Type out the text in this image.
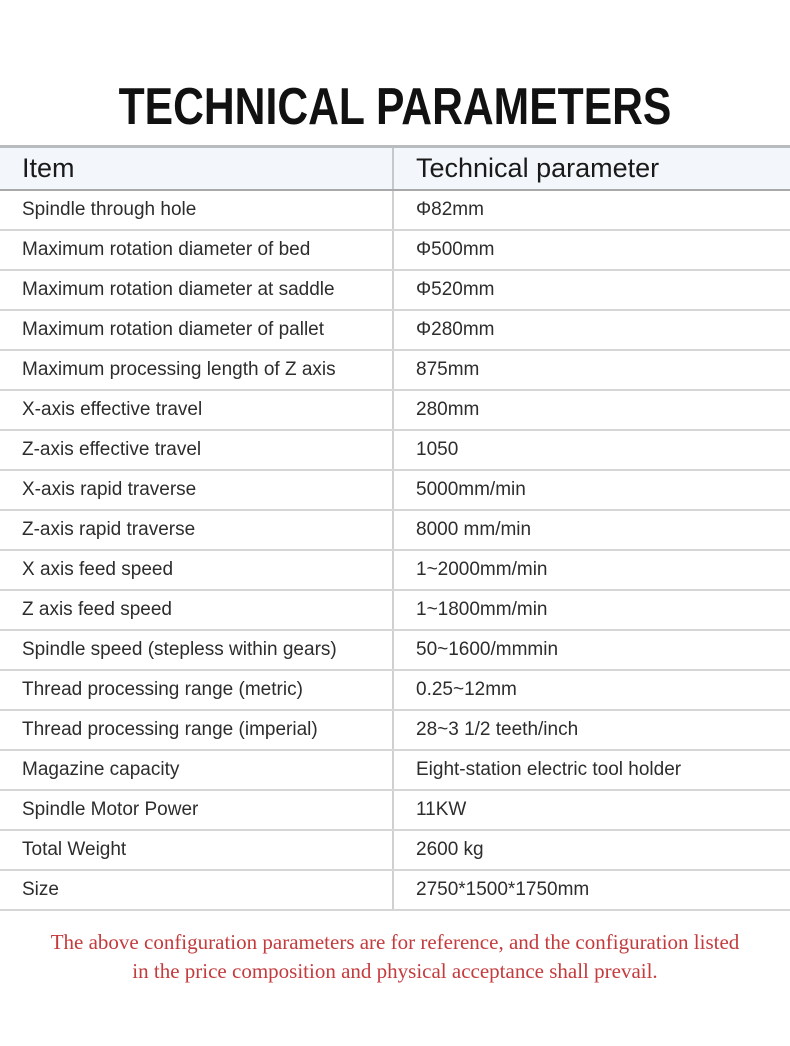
TECHNICAL PARAMETERS
Item	Technical parameter
Spindle through hole	Φ82mm
Maximum rotation diameter of bed	Φ500mm
Maximum rotation diameter at saddle	Φ520mm
Maximum rotation diameter of pallet	Φ280mm
Maximum processing length of Z axis	875mm
X-axis effective travel	280mm
Z-axis effective travel	1050
X-axis rapid traverse	5000mm/min
Z-axis rapid traverse	8000 mm/min
X axis feed speed	1~2000mm/min
Z axis feed speed	1~1800mm/min
Spindle speed (stepless within gears)	50~1600/mmmin
Thread processing range (metric)	0.25~12mm
Thread processing range (imperial)	28~3 1/2 teeth/inch
Magazine capacity	Eight-station electric tool holder
Spindle Motor Power	11KW
Total Weight	2600 kg
Size	2750*1500*1750mm
The above configuration parameters are for reference, and the configuration listed
in the price composition and physical acceptance shall prevail.
